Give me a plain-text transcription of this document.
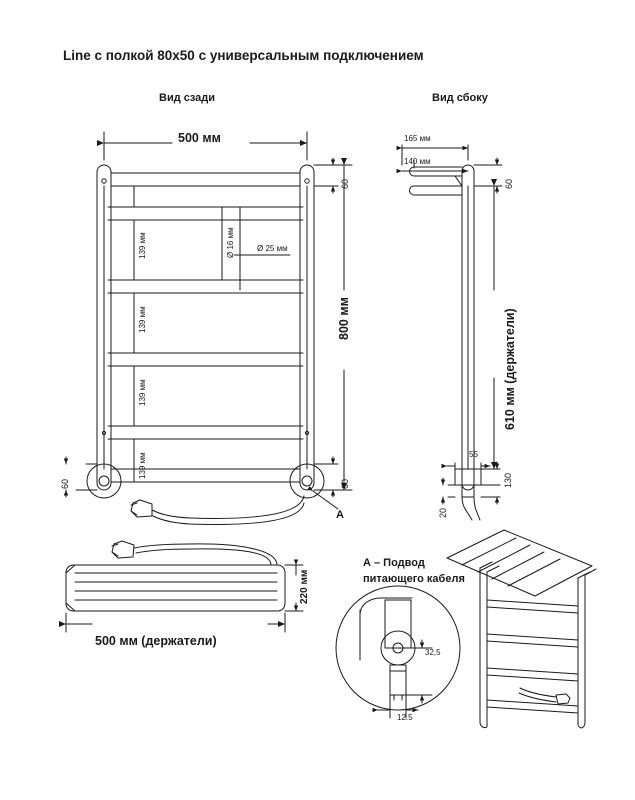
Line с полкой 80x50 с универсальным подключением
Вид сзади	Вид сбоку
500 мм
800 мм
60
60
60
139 мм
139 мм
139 мм
139 мм
Ø 16 мм	Ø 25 мм
A
165 мм
140 мм
60
610 мм (держатели)
55
130
20
220 мм
500 мм (держатели)
А – Подвод
питающего кабеля
32,5
12.5
